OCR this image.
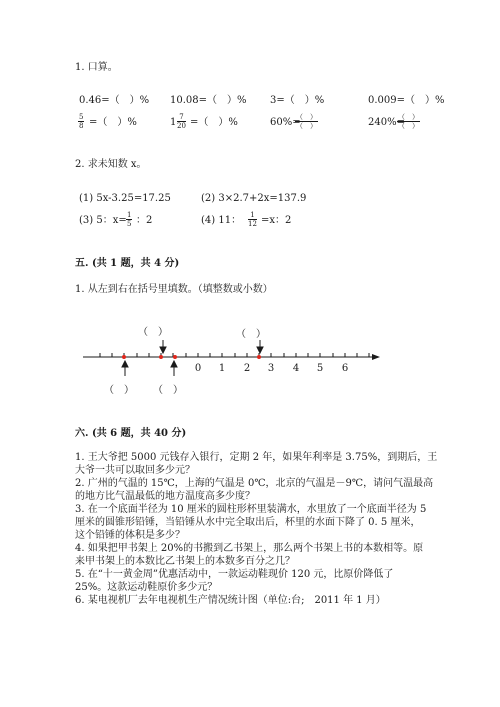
1. 口算。
0.46=（　）% 10.08=（　）% 3=（　）%	0.009=（　）%
$\frac{5}{8}$ =（　）%	$1 \frac{7}{20}$ =（　）%	60%=
（　）
（　）	240%=
（　）
（　）
2. 求未知数 x。
(1) 5x-3.25=17.25	(2) 3×2.7+2x=137.9
(3) 5：$x= \frac{1}{5}$ ：2	(4) 11： $\frac{1}{12} =x$：2
五. (共 1 题，共 4 分)
1. 从左到右在括号里填数。（填整数或小数）
0 1 2 3 4 5 6
（　）	（　）
（　） （　）
六. (共 6 题，共 40 分)
1. 王大爷把 5000 元钱存入银行，定期 2 年，如果年利率是 3.75%，到期后，王
大爷一共可以取回多少元？
2. 广州的气温的 15℃，上海的气温是 0℃，北京的气温是－9℃，请问气温最高
的地方比气温最低的地方温度高多少度？
3. 在一个底面半径为 10 厘米的圆柱形杯里装满水，水里放了一个底面半径为 5
厘米的圆锥形铅锤，当铅锤从水中完全取出后，杯里的水面下降了 0. 5 厘米，
这个铅锤的体积是多少？
4. 如果把甲书架上 20%的书搬到乙书架上，那么两个书架上书的本数相等。原
来甲书架上的本数比乙书架上的本数多百分之几？
5. 在“十一黄金周”优惠活动中，一款运动鞋现价 120 元，比原价降低了
25%。这款运动鞋原价多少元？
6. 某电视机厂去年电视机生产情况统计图（单位:台;　2011 年 1 月）
